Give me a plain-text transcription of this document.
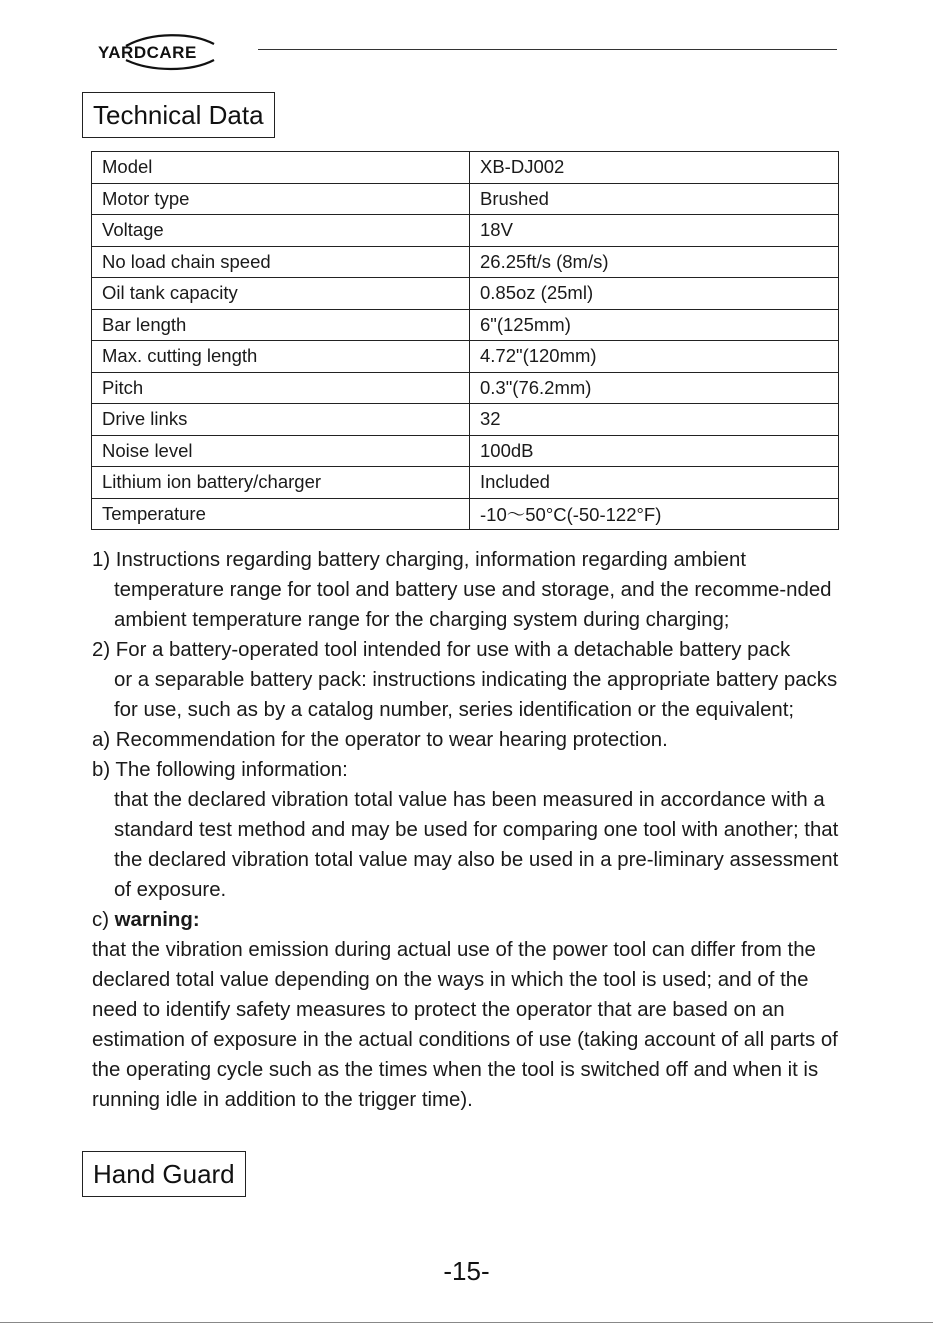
YARDCARE
Technical Data
Model	XB-DJ002
Motor type	Brushed
Voltage	18V
No load chain speed	26.25ft/s (8m/s)
Oil tank capacity	0.85oz (25ml)
Bar length	6"(125mm)
Max. cutting length	4.72"(120mm)
Pitch	0.3"(76.2mm)
Drive links	32
Noise level	100dB
Lithium ion battery/charger	Included
Temperature	-10～50°C(-50-122°F)
1) Instructions regarding battery charging, information regarding ambient
temperature range for tool and battery use and storage, and the recomme-nded ambient temperature range for the charging system during charging;
2) For a battery-operated tool intended for use with a detachable battery pack
or a separable battery pack: instructions indicating the appropriate battery packs for use, such as by a catalog number, series identification or the equivalent;
a) Recommendation for the operator to wear hearing protection.
b) The following information:
that the declared vibration total value has been measured in accordance with a standard test method and may be used for comparing one tool with another; that the declared vibration total value may also be used in a pre-liminary assessment of exposure.
c) warning:
that the vibration emission during actual use of the power tool can differ from the declared total value depending on the ways in which the tool is used; and of the need to identify safety measures to protect the operator that are based on an estimation of exposure in the actual conditions of use (taking account of all parts of the operating cycle such as the times when the tool is switched off and when it is running idle in addition to the trigger time).
Hand Guard
-15-
